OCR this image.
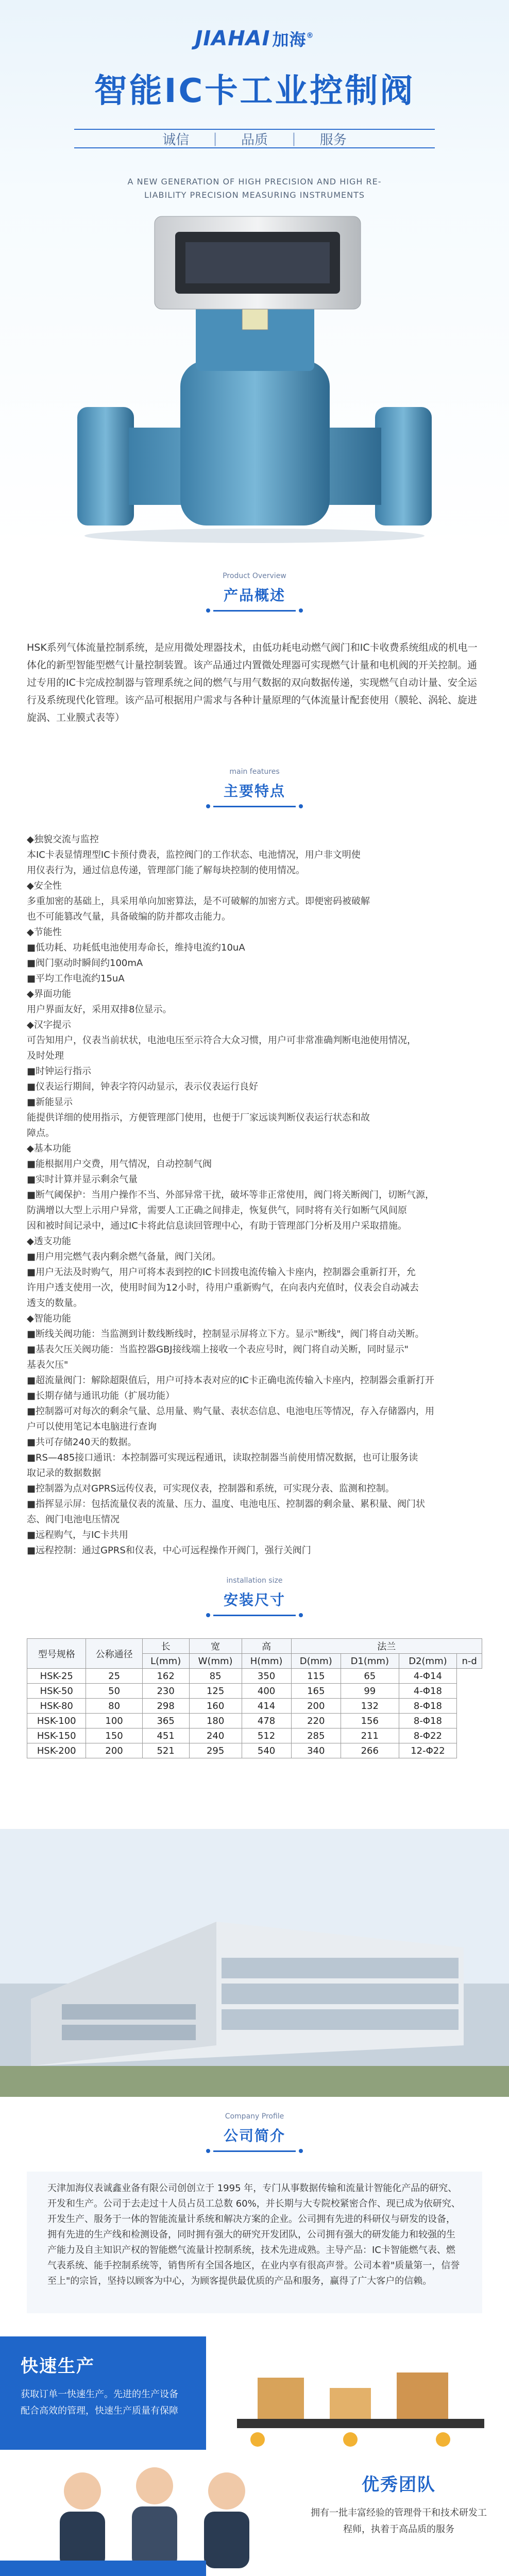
JIAHAI 加海®
智能IC卡工业控制阀
诚信 | 品质 | 服务
A NEW GENERATION OF HIGH PRECISION AND HIGH RE-
LIABILITY PRECISION MEASURING INSTRUMENTS
Product Overview
产品概述
HSK系列气体流量控制系统，是应用微处理器技术，由低功耗电动燃气阀门和IC卡收费系统组成的机电一体化的新型智能型燃气计量控制装置。该产品通过内置微处理器可实现燃气计量和电机阀的开关控制。通过专用的IC卡完成控制器与管理系统之间的燃气与用气数据的双向数据传递，实现燃气自动计量、安全运行及系统现代化管理。该产品可根据用户需求与各种计量原理的气体流量计配套使用（膜轮、涡轮、旋进旋涡、工业膜式表等）
main features
主要特点
◆独貌交流与监控
本IC卡表显情理型IC卡预付费表，监控阀门的工作状态、电池情况，用户非文明使
用仪表行为，通过信息传递，管理部门能了解每块控制的使用情况。
◆安全性
多重加密的基础上，具采用单向加密算法，是不可破解的加密方式。即便密码被破解
也不可能篡改气量，具备破编的防并都攻击能力。
◆节能性
■低功耗、功耗低电池使用寿命长，维持电流约10uA
■阀门驱动时瞬间约100mA
■平均工作电流约15uA
◆界面功能
用户界面友好，采用双排8位显示。
◆汉字提示
可告知用户，仪表当前状状，电池电压至示符合大众习惯，用户可非常准确判断电池使用情况，
及时处理
■时钟运行指示
■仪表运行期间，钟表字符闪动显示，表示仪表运行良好
■新能显示
能提供详细的使用指示，方便管理部门使用，也便于厂家远谈判断仪表运行状态和故
障点。
◆基本功能
■能根据用户交费，用气情况，自动控制气阀
■实时计算并显示剩余气量
■断气阈保护：当用户操作不当、外部异常干扰，破坏等非正常使用，阀门将关断阀门，切断气源，
防满增以大型上示用户异常，需要人工正确之间排走，恢复供气，同时将有关行如断气风间原
因和被时间记录中，通过IC卡将此信息读回管理中心，有助于管理部门分析及用户采取措施。
◆透支功能
■用户用完燃气表内剩余燃气备量，阀门关闭。
■用户无法及时购气，用户可将本表到控的IC卡回拨电流传输入卡座内，控制器会重新打开，允
许用户透支使用一次，使用时间为12小时，待用户重新购气，在向表内充值时，仪表会自动减去
透支的数量。
◆智能功能
■断线关阀功能：当监测到计数线断线时，控制显示屏将立下方。显示"断线"，阀门将自动关断。
■基表欠压关阀功能：当监控器GBJ接线端上接收一个表应号时，阀门将自动关断，同时显示"
基表欠压"
■超流量阀门：解除超限值后，用户可持本表对应的IC卡正确电流传输入卡座内，控制器会重新打开
■长期存储与通讯功能（扩展功能）
■控制器可对每次的剩余气量、总用量、购气量、表状态信息、电池电压等情况，存入存储器内，用
户可以使用笔记本电脑进行查询
■共可存储240天的数据。
■RS—485接口通讯：本控制器可实现远程通讯，读取控制器当前使用情况数据，也可让服务读
取记录的数据数据
■控制器为点对GPRS远传仪表，可实现仪表，控制器和系统，可实现分表、监测和控制。
■指挥显示屏：包括流量仪表的流量、压力、温度、电池电压、控制器的剩余量、累积量、阀门状
态、阀门电池电压情况
■远程购气，与IC卡共用
■远程控制：通过GPRS和仪表，中心可远程操作开阀门，强行关阀门
installation size
安装尺寸
型号规格	公称通径	长	宽	高	法兰			
		L(mm)	W(mm)	H(mm)	D(mm)	D1(mm)	D2(mm)	n-d
HSK-25	25	162	85	350	115	65	4-Φ14	
HSK-50	50	230	125	400	165	99	4-Φ18	
HSK-80	80	298	160	414	200	132	8-Φ18	
HSK-100	100	365	180	478	220	156	8-Φ18	
HSK-150	150	451	240	512	285	211	8-Φ22	
HSK-200	200	521	295	540	340	266	12-Φ22	
Company Profile
公司简介
天津加海仪表诚鑫业备有限公司创创立于 1995 年，专门从事数据传输和流量计智能化产品的研究、开发和生产。公司于去走过十人员占员工总数 60%，并长期与大专院校紧密合作、现已成为依研究、开发生产、服务于一体的智能流量计系统和解决方案的企业。公司拥有先进的科研仪与研发的设备，拥有先进的生产线和检测设备，同时拥有强大的研究开发团队，公司拥有强大的研发能力和较强的生产能力及自主知识产权的智能燃气流量计控制系统，技术先进成熟。主导产品：IC卡智能燃气表、燃气表系统、能手控制系统等，销售所有全国各地区，在业内享有很高声誉。公司本着"质量第一，信誉至上"的宗旨，坚持以顾客为中心，为顾客提供最优质的产品和服务，赢得了广大客户的信赖。
快速生产
获取订单一快速生产。先进的生产设备配合高效的管理，快速生产质量有保障
优秀团队
拥有一批丰富经验的管理骨干和技术研发工程师，执着于高品质的服务
